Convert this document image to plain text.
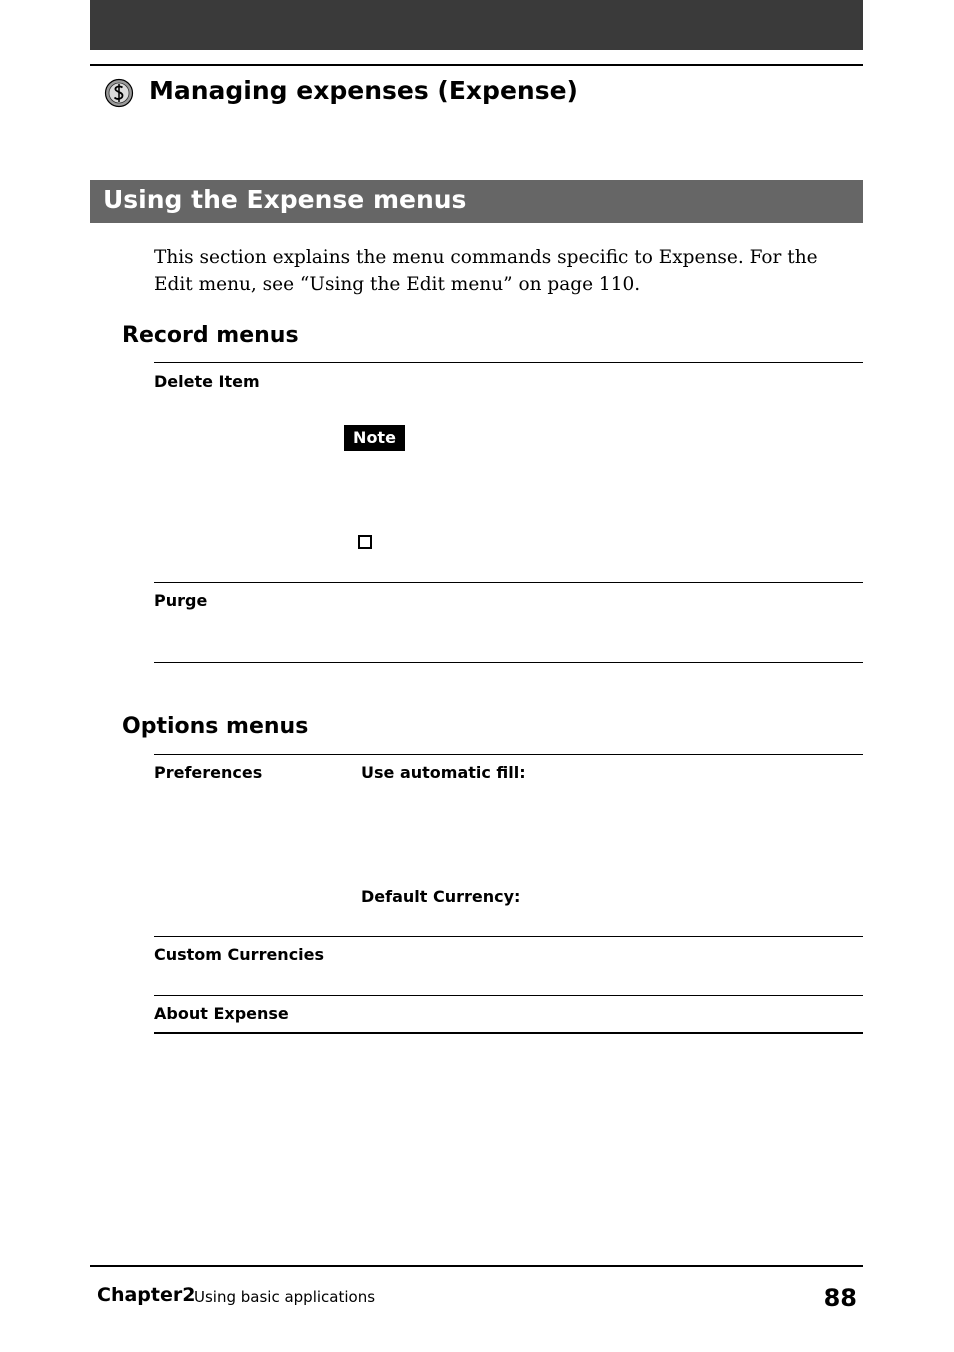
Managing expenses (Expense)
Using the Expense menus
This section explains the menu commands specific to Expense. For the Edit menu, see “Using the Edit menu” on page 110.
Record menus
Delete Item
Note
Purge
Options menus
Preferences	Use automatic fill:
Default Currency:
Custom Currencies
About Expense
Chapter2
Using basic applications	88
